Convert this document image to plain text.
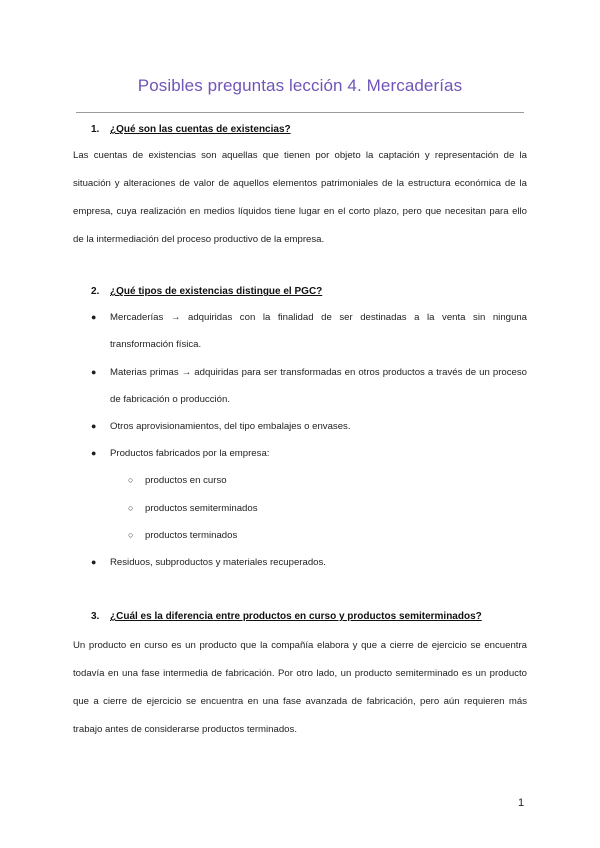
Posibles preguntas lección 4. Mercaderías
1. ¿Qué son las cuentas de existencias?
Las cuentas de existencias son aquellas que tienen por objeto la captación y representación de la situación y alteraciones de valor de aquellos elementos patrimoniales de la estructura económica de la empresa, cuya realización en medios líquidos tiene lugar en el corto plazo, pero que necesitan para ello de la intermediación del proceso productivo de la empresa.
2. ¿Qué tipos de existencias distingue el PGC?
●	Mercaderías → adquiridas con la finalidad de ser destinadas a la venta sin ninguna transformación física.
●	Materias primas → adquiridas para ser transformadas en otros productos a través de un proceso de fabricación o producción.
●	Otros aprovisionamientos, del tipo embalajes o envases.
●	Productos fabricados por la empresa:
○ productos en curso
○ productos semiterminados
○ productos terminados
●	Residuos, subproductos y materiales recuperados.
3. ¿Cuál es la diferencia entre productos en curso y productos semiterminados?
Un producto en curso es un producto que la compañía elabora y que a cierre de ejercicio se encuentra todavía en una fase intermedia de fabricación. Por otro lado, un producto semiterminado es un producto que a cierre de ejercicio se encuentra en una fase avanzada de fabricación, pero aún requieren más trabajo antes de considerarse productos terminados.
1
